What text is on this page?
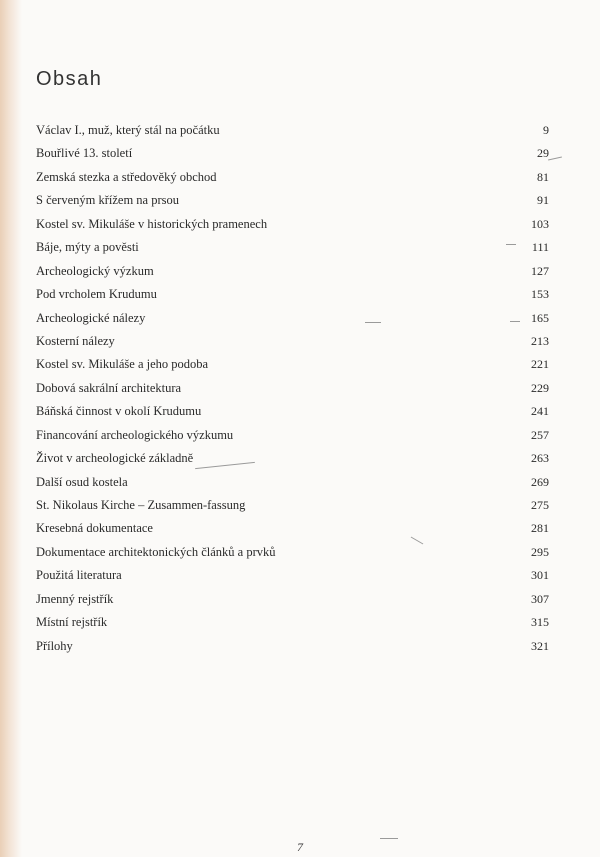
Obsah
Václav I., muž, který stál na počátku	9
Bouřlivé 13. století	29
Zemská stezka a středověký obchod	81
S červeným křížem na prsou	91
Kostel sv. Mikuláše v historických pramenech	103
Báje, mýty a pověsti	111
Archeologický výzkum	127
Pod vrcholem Krudumu	153
Archeologické nálezy	165
Kosterní nálezy	213
Kostel sv. Mikuláše a jeho podoba	221
Dobová sakrální architektura	229
Báňská činnost v okolí Krudumu	241
Financování archeologického výzkumu	257
Život v archeologické základně	263
Další osud kostela	269
St. Nikolaus Kirche – Zusammen-fassung	275
Kresebná dokumentace	281
Dokumentace architektonických článků a prvků	295
Použitá literatura	301
Jmenný rejstřík	307
Místní rejstřík	315
Přílohy	321
7
